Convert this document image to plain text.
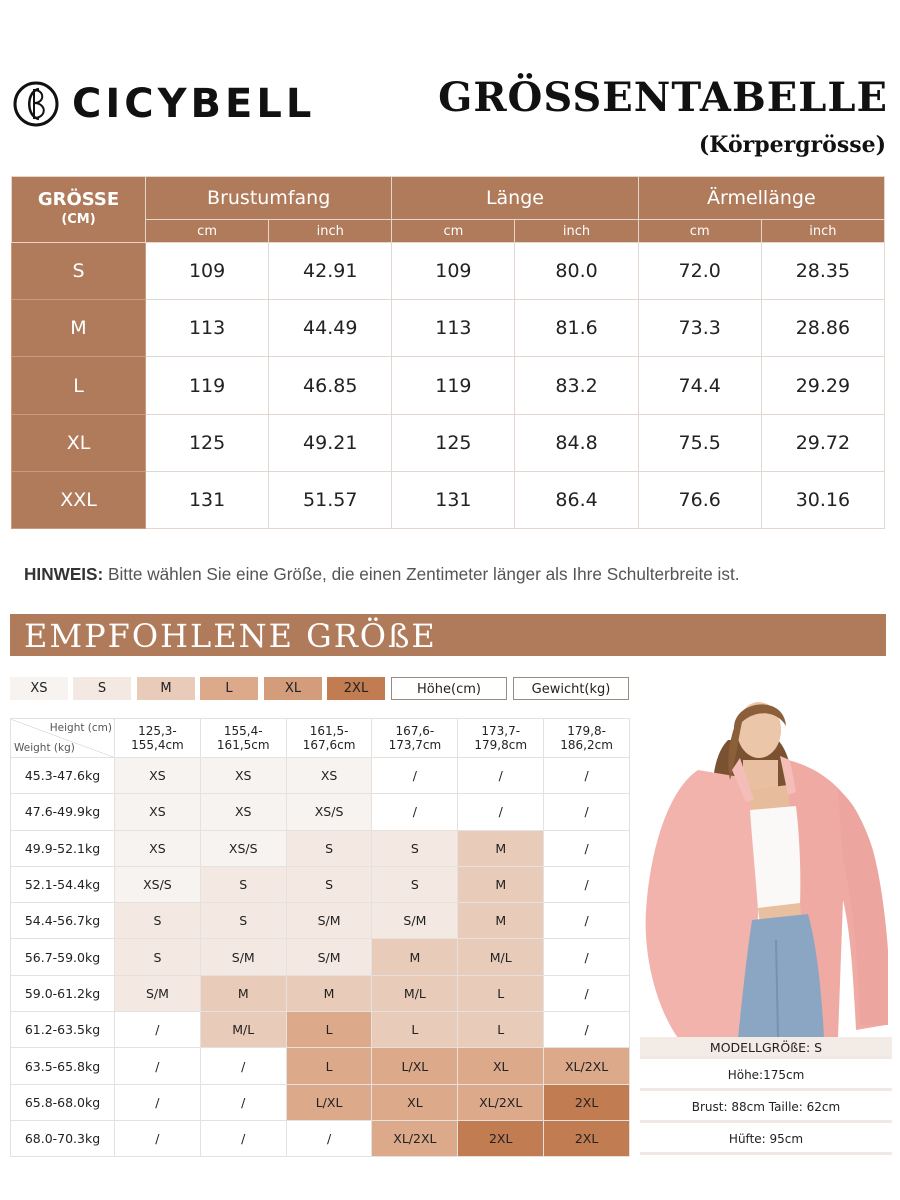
CICYBELL	GRÖSSENTABELLE
(Körpergrösse)
GRÖSSE
(CM)	Brustumfang		Länge		Ärmellänge	
	cm	inch	cm	inch	cm	inch
S	109	42.91	109	80.0	72.0	28.35
M	113	44.49	113	81.6	73.3	28.86
L	119	46.85	119	83.2	74.4	29.29
XL	125	49.21	125	84.8	75.5	29.72
XXL	131	51.57	131	86.4	76.6	30.16
HINWEIS: Bitte wählen Sie eine Größe, die einen Zentimeter länger als Ihre Schulterbreite ist.
EMPFOHLENE GRÖßE
XS	S	M	L	XL	2XL	Höhe(cm)	Gewicht(kg)
Height (cm)
Weight (kg)	125,3-155,4cm	155,4-161,5cm	161,5-167,6cm	167,6-173,7cm	173,7-179,8cm	179,8-186,2cm
45.3-47.6kg	XS	XS	XS	/	/	/
47.6-49.9kg	XS	XS	XS/S	/	/	/
49.9-52.1kg	XS	XS/S	S	S	M	/
52.1-54.4kg	XS/S	S	S	S	M	/
54.4-56.7kg	S	S	S/M	S/M	M	/
56.7-59.0kg	S	S/M	S/M	M	M/L	/
59.0-61.2kg	S/M	M	M	M/L	L	/
61.2-63.5kg	/	M/L	L	L	L	/
63.5-65.8kg	/	/	L	L/XL	XL	XL/2XL
65.8-68.0kg	/	/	L/XL	XL	XL/2XL	2XL
68.0-70.3kg	/	/	/	XL/2XL	2XL	2XL
MODELLGRÖßE: S
Höhe:175cm
Brust: 88cm Taille: 62cm
Hüfte: 95cm
